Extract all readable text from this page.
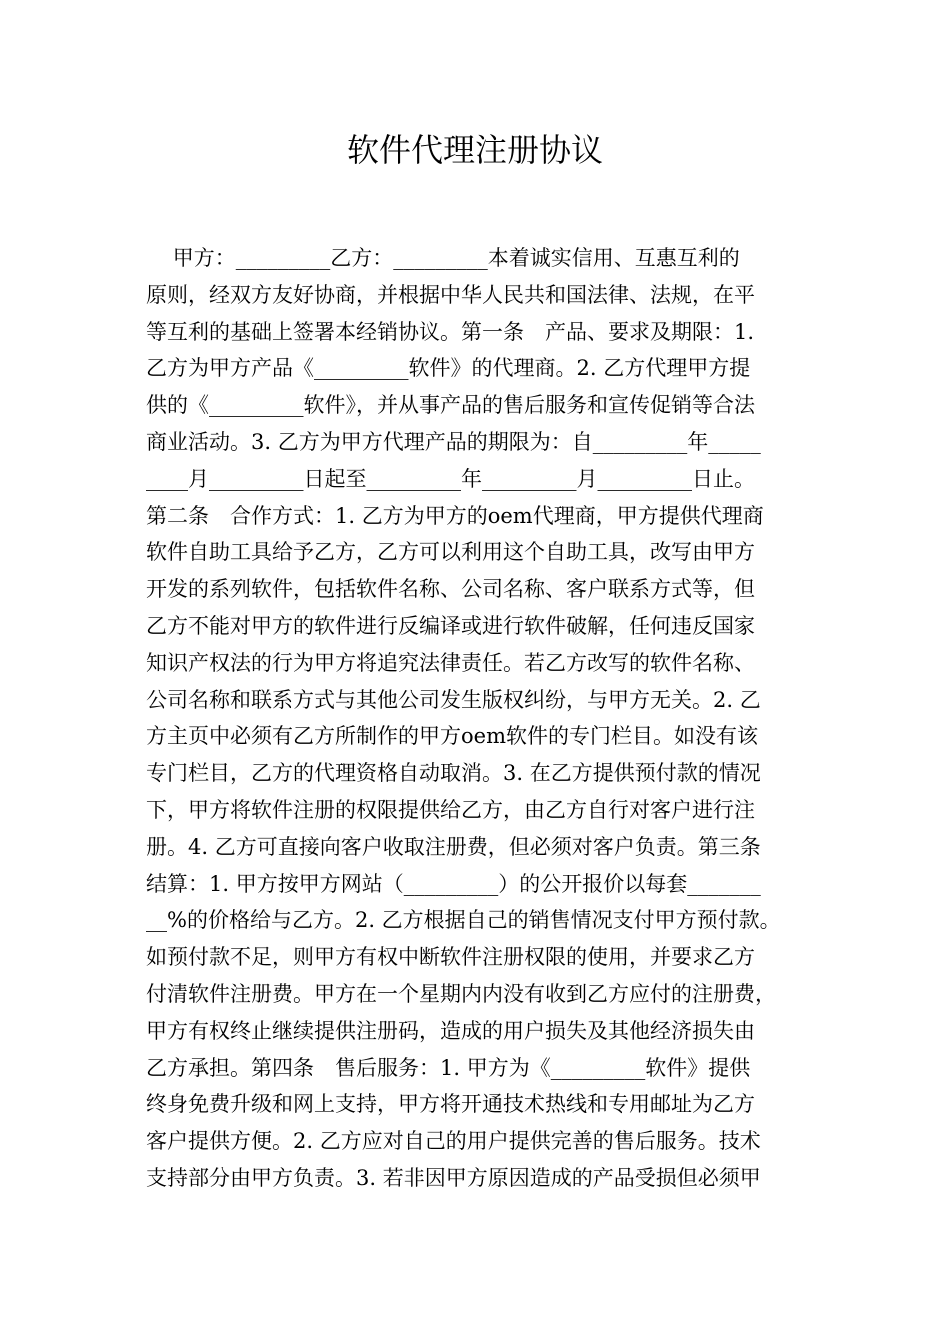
软件代理注册协议
甲方：_________乙方：_________本着诚实信用、互惠互利的
原则，经双方友好协商，并根据中华人民共和国法律、法规，在平
等互利的基础上签署本经销协议。第一条　产品、要求及期限：1.
乙方为甲方产品《_________软件》的代理商。2. 乙方代理甲方提
供的《_________软件》，并从事产品的售后服务和宣传促销等合法
商业活动。3. 乙方为甲方代理产品的期限为：自_________年_____
____月_________日起至_________年_________月_________日止。
第二条　合作方式：1. 乙方为甲方的oem代理商，甲方提供代理商
软件自助工具给予乙方，乙方可以利用这个自助工具，改写由甲方
开发的系列软件，包括软件名称、公司名称、客户联系方式等，但
乙方不能对甲方的软件进行反编译或进行软件破解，任何违反国家
知识产权法的行为甲方将追究法律责任。若乙方改写的软件名称、
公司名称和联系方式与其他公司发生版权纠纷，与甲方无关。2. 乙
方主页中必须有乙方所制作的甲方oem软件的专门栏目。如没有该
专门栏目，乙方的代理资格自动取消。3. 在乙方提供预付款的情况
下，甲方将软件注册的权限提供给乙方，由乙方自行对客户进行注
册。4. 乙方可直接向客户收取注册费，但必须对客户负责。第三条
结算：1. 甲方按甲方网站（_________）的公开报价以每套_______
__%的价格给与乙方。2. 乙方根据自己的销售情况支付甲方预付款。
如预付款不足，则甲方有权中断软件注册权限的使用，并要求乙方
付清软件注册费。甲方在一个星期内内没有收到乙方应付的注册费，
甲方有权终止继续提供注册码，造成的用户损失及其他经济损失由
乙方承担。第四条　售后服务：1. 甲方为《_________软件》提供
终身免费升级和网上支持，甲方将开通技术热线和专用邮址为乙方
客户提供方便。2. 乙方应对自己的用户提供完善的售后服务。技术
支持部分由甲方负责。3. 若非因甲方原因造成的产品受损但必须甲
